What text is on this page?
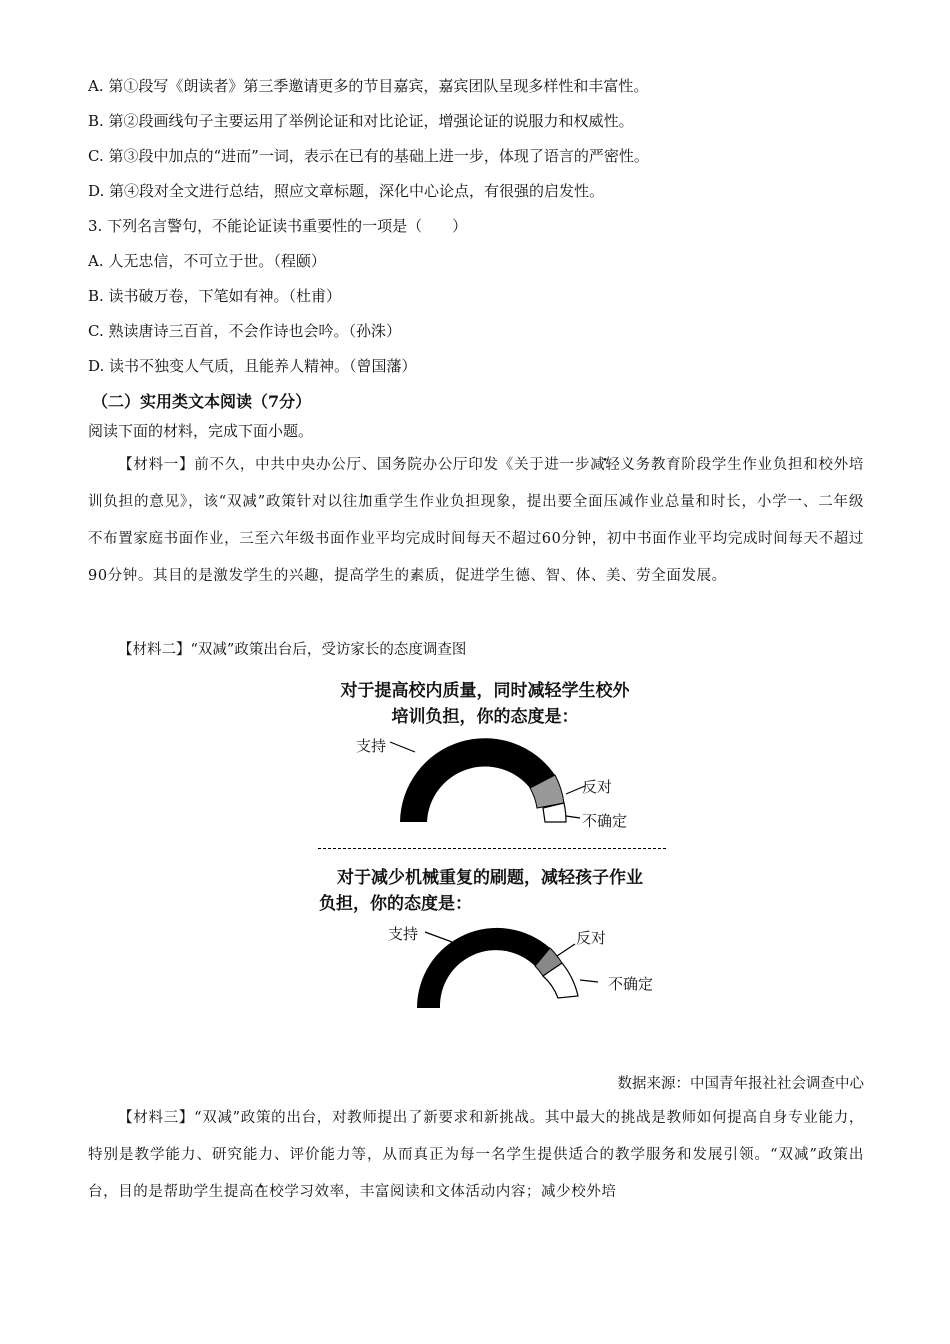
A. 第①段写《朗读者》第三季邀请更多的节目嘉宾，嘉宾团队呈现多样性和丰富性。
B. 第②段画线句子主要运用了举例论证和对比论证，增强论证的说服力和权威性。
C. 第③段中加点的“进而”一词，表示在已有的基础上进一步，体现了语言的严密性。
D. 第④段对全文进行总结，照应文章标题，深化中心论点，有很强的启发性。
3. 下列名言警句，不能论证读书重要性的一项是（　　）
A. 人无忠信，不可立于世。（程颐）
B. 读书破万卷，下笔如有神。（杜甫）
C. 熟读唐诗三百首，不会作诗也会吟。（孙洙）
D. 读书不独变人气质，且能养人精神。（曾国藩）
（二）实用类文本阅读（7分）
阅读下面的材料，完成下面小题。
【材料一】前不久，中共中央办公厅、国务院办公厅印发《关于进一步减轻 •义务教育阶段学生作业负担和校外培训负担的意见》，该“双减”政策针对以往加 •重学生作业负担现象，提出要全面压减作业总量和时长，小学一、二年级不布置家庭书面作业，三至六年级书面作业平均完成时间每天不超过60分钟，初中书面作业平均完成时间每天不超过90分钟。其目的是激发学生的兴趣，提高学生的素质，促进学生德、智、体、美、劳全面发展。
【材料二】“双减”政策出台后，受访家长的态度调查图
对于提高校内质量，同时减轻学生校外
培训负担，你的态度是：
支持
反对
不确定
对于减少机械重复的刷题，减轻孩子作业
负担，你的态度是：
支持	反对
不确定
数据来源：中国青年报社社会调查中心
【材料三】“双减”政策的出台，对教师提出了新要求和新挑战。其中最大的挑战是教师如何提高自身专业能力，特别是教学能力、研究能力、评价能力等，从而真正为每一名学生提供适合的教学服务和发展引领。“双减”政策出台，目的是帮助学生提高在 •校学习效率，丰富阅读和文体活动内容；减少校外培
